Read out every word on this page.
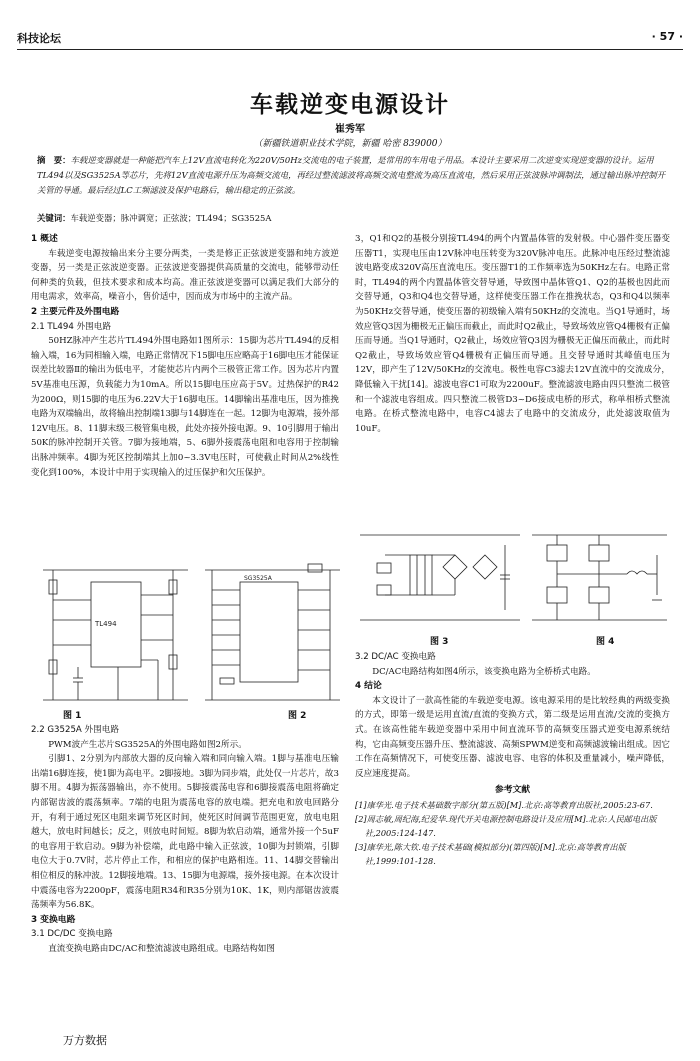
科技论坛	· 57 ·
车载逆变电源设计
崔秀军
（新疆铁道职业技术学院，新疆 哈密 839000）
摘　要：车载逆变器就是一种能把汽车上12V直流电转化为220V/50Hz交流电的电子装置，是常用的车用电子用品。本设计主要采用二次逆变实现逆变器的设计。运用TL494以及SG3525A等芯片，先将12V直流电源升压为高频交流电，再经过整流滤波将高频交流电整流为高压直流电，然后采用正弦波脉冲调制法，通过输出脉冲控制开关管的导通。最后经过LC工频滤波及保护电路后，输出稳定的正弦波。
关键词：车载逆变器；脉冲调宽；正弦波；TL494；SG3525A
1 概述

车载逆变电源按输出来分主要分两类，一类是修正正弦波逆变器和纯方波逆变器，另一类是正弦波逆变器。正弦波逆变器提供高质量的交流电，能够带动任何种类的负载，但技术要求和成本均高。准正弦波逆变器可以满足我们大部分的用电需求，效率高，噪音小，售价适中，因而成为市场中的主流产品。

2 主要元件及外围电路
2.1 TL494 外围电路

50HZ脉冲产生芯片TL494外围电路如1图所示：15脚为芯片TL494的反相输入端，16为同相输入端，电路正常情况下15脚电压应略高于16脚电压才能保证误差比较器Ⅱ的输出为低电平，才能使芯片内两个三极管正常工作。因为芯片内置5V基准电压源，负载能力为10mA。所以15脚电压应高于5V。过热保护的R42为200Ω，则15脚的电压为6.22V大于16脚电压。14脚输出基准电压，因为推挽电路为双端输出，故将输出控制端13脚与14脚连在一起。12脚为电源端，接外部12V电压。8、11脚末级三极管集电极，此处亦接外接电源。9、10引脚用于输出50K的脉冲控制开关管。7脚为接地端，5、6脚外接震荡电阻和电容用于控制输出脉冲频率。4脚为死区控制端其上加0~3.3V电压时，可使截止时间从2%线性变化到100%，本设计中用于实现输入的过压保护和欠压保护。

TL494
图 1
SG3525A
图 2
2.2 G3525A 外围电路

PWM波产生芯片SG3525A的外围电路如图2所示。

引脚1、2分别为内部放大器的反向输入端和同向输入端。1脚与基准电压输出端16脚连接，使1脚为高电平。2脚接地。3脚为同步端，此处仅一片芯片，故3脚不用。4脚为振荡器输出，亦不使用。5脚接震荡电容和6脚接震荡电阻将确定内部锯齿波的震荡频率。7端的电阻为震荡电容的放电端。把充电和放电回路分开，有利于通过死区电阻来调节死区时间，使死区时间调节范围更宽，放电电阻越大，放电时间越长；反之，则放电时间短。8脚为软启动端，通常外接一个5uF的电容用于软启动。9脚为补偿端，此电路中输入正弦波，10脚为封锁端，引脚电位大于0.7V时，芯片停止工作，和相应的保护电路相连。11、14脚交替输出相位相反的脉冲波。12脚接地端。13、15脚为电源端，接外接电源。在本次设计中震荡电容为2200pF，震荡电阻R34和R35分别为10K、1K，则内部锯齿波震荡频率为56.8K。

3 变换电路
3.1 DC/DC 变换电路

直流变换电路由DC/AC和整流滤波电路组成。电路结构如图

3，Q1和Q2的基极分别接TL494的两个内置晶体管的发射极。中心器件变压器变压器T1，实现电压由12V脉冲电压转变为320V脉冲电压。此脉冲电压经过整流滤波电路变成320V高压直流电压。变压器T1的工作频率选为50KHz左右。电路正常时，TL494的两个内置晶体管交替导通，导致图中晶体管Q1、Q2的基极也因此而交替导通，Q3和Q4也交替导通，这样使变压器工作在推挽状态，Q3和Q4以频率为50KHz交替导通，使变压器的初级输入端有50KHz的交流电。当Q1导通时，场效应管Q3因为栅极无正偏压而截止，而此时Q2截止，导致场效应管Q4栅极有正偏压而导通。当Q1导通时，Q2截止，场效应管Q3因为栅极无正偏压而截止，而此时Q2截止，导致场效应管Q4栅极有正偏压而导通。且交替导通时其峰值电压为12V，即产生了12V/50KHz的交流电。极性电容C3滤去12V直流中的交流成分，降低输入干扰[14]。滤波电容C1可取为2200uF。整流滤波电路由四只整流二极管和一个滤波电容组成。四只整流二极管D3~D6接成电桥的形式，称单相桥式整流电路。在桥式整流电路中，电容C4滤去了电路中的交流成分，此处滤波取值为10uF。

图 3	图 4
3.2 DC/AC 变换电路

DC/AC电路结构如图4所示，该变换电路为全桥桥式电路。

4 结论

本文设计了一款高性能的车载逆变电源。该电源采用的是比较经典的两级变换的方式，即第一级是运用直流/直流的变换方式，第二级是运用直流/交流的变换方式。在该高性能车载逆变器中采用中间直流环节的高频变压器式逆变电源系统结构，它由高频变压器升压、整流滤波、高频SPWM逆变和高频滤波输出组成。因它工作在高频情况下，可使变压器、滤波电容、电容的体积及重量减小，噪声降低，反应速度提高。

参考文献
[1]康华光.电子技术基础数字部分(第五版)[M].北京:高等教育出版社,2005:23-67.
[2]周志敏,周纪海,纪爱华.现代开关电源控制电路设计及应用[M].北京:人民邮电出版社,2005:124-147.
[3]康华光,陈大钦.电子技术基础(模拟部分)(第四版)[M].北京:高等教育出版社,1999:101-128.
万方数据
